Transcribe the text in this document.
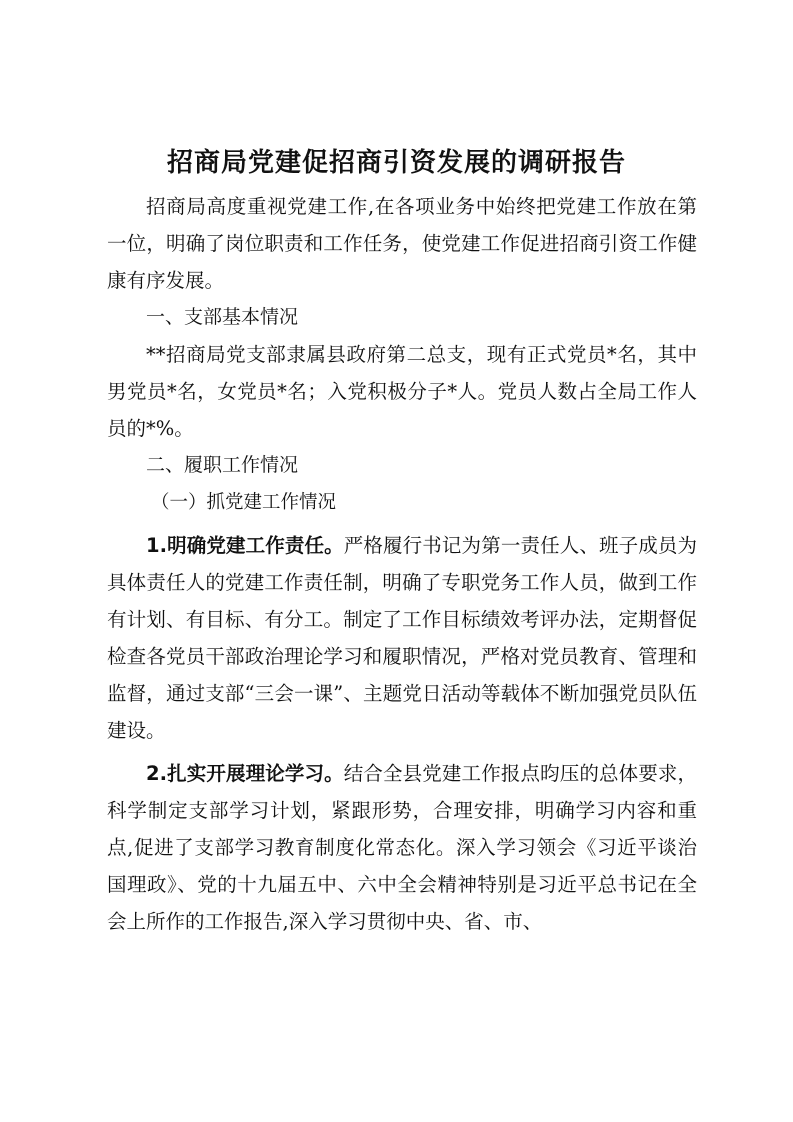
招商局党建促招商引资发展的调研报告

招商局高度重视党建工作,在各项业务中始终把党建工作放在第一位，明确了岗位职责和工作任务，使党建工作促进招商引资工作健康有序发展。

一、支部基本情况

**招商局党支部隶属县政府第二总支，现有正式党员*名，其中男党员*名，女党员*名；入党积极分子*人。党员人数占全局工作人员的*%。

二、履职工作情况

（一）抓党建工作情况

1.明确党建工作责任。严格履行书记为第一责任人、班子成员为具体责任人的党建工作责任制，明确了专职党务工作人员，做到工作有计划、有目标、有分工。制定了工作目标绩效考评办法，定期督促检查各党员干部政治理论学习和履职情况，严格对党员教育、管理和监督，通过支部“三会一课”、主题党日活动等载体不断加强党员队伍建设。

2.扎实开展理论学习。结合全县党建工作报点昀压的总体要求，科学制定支部学习计划，紧跟形势，合理安排，明确学习内容和重点,促进了支部学习教育制度化常态化。深入学习领会《习近平谈治国理政》、党的十九届五中、六中全会精神特别是习近平总书记在全会上所作的工作报告,深入学习贯彻中央、省、市、
